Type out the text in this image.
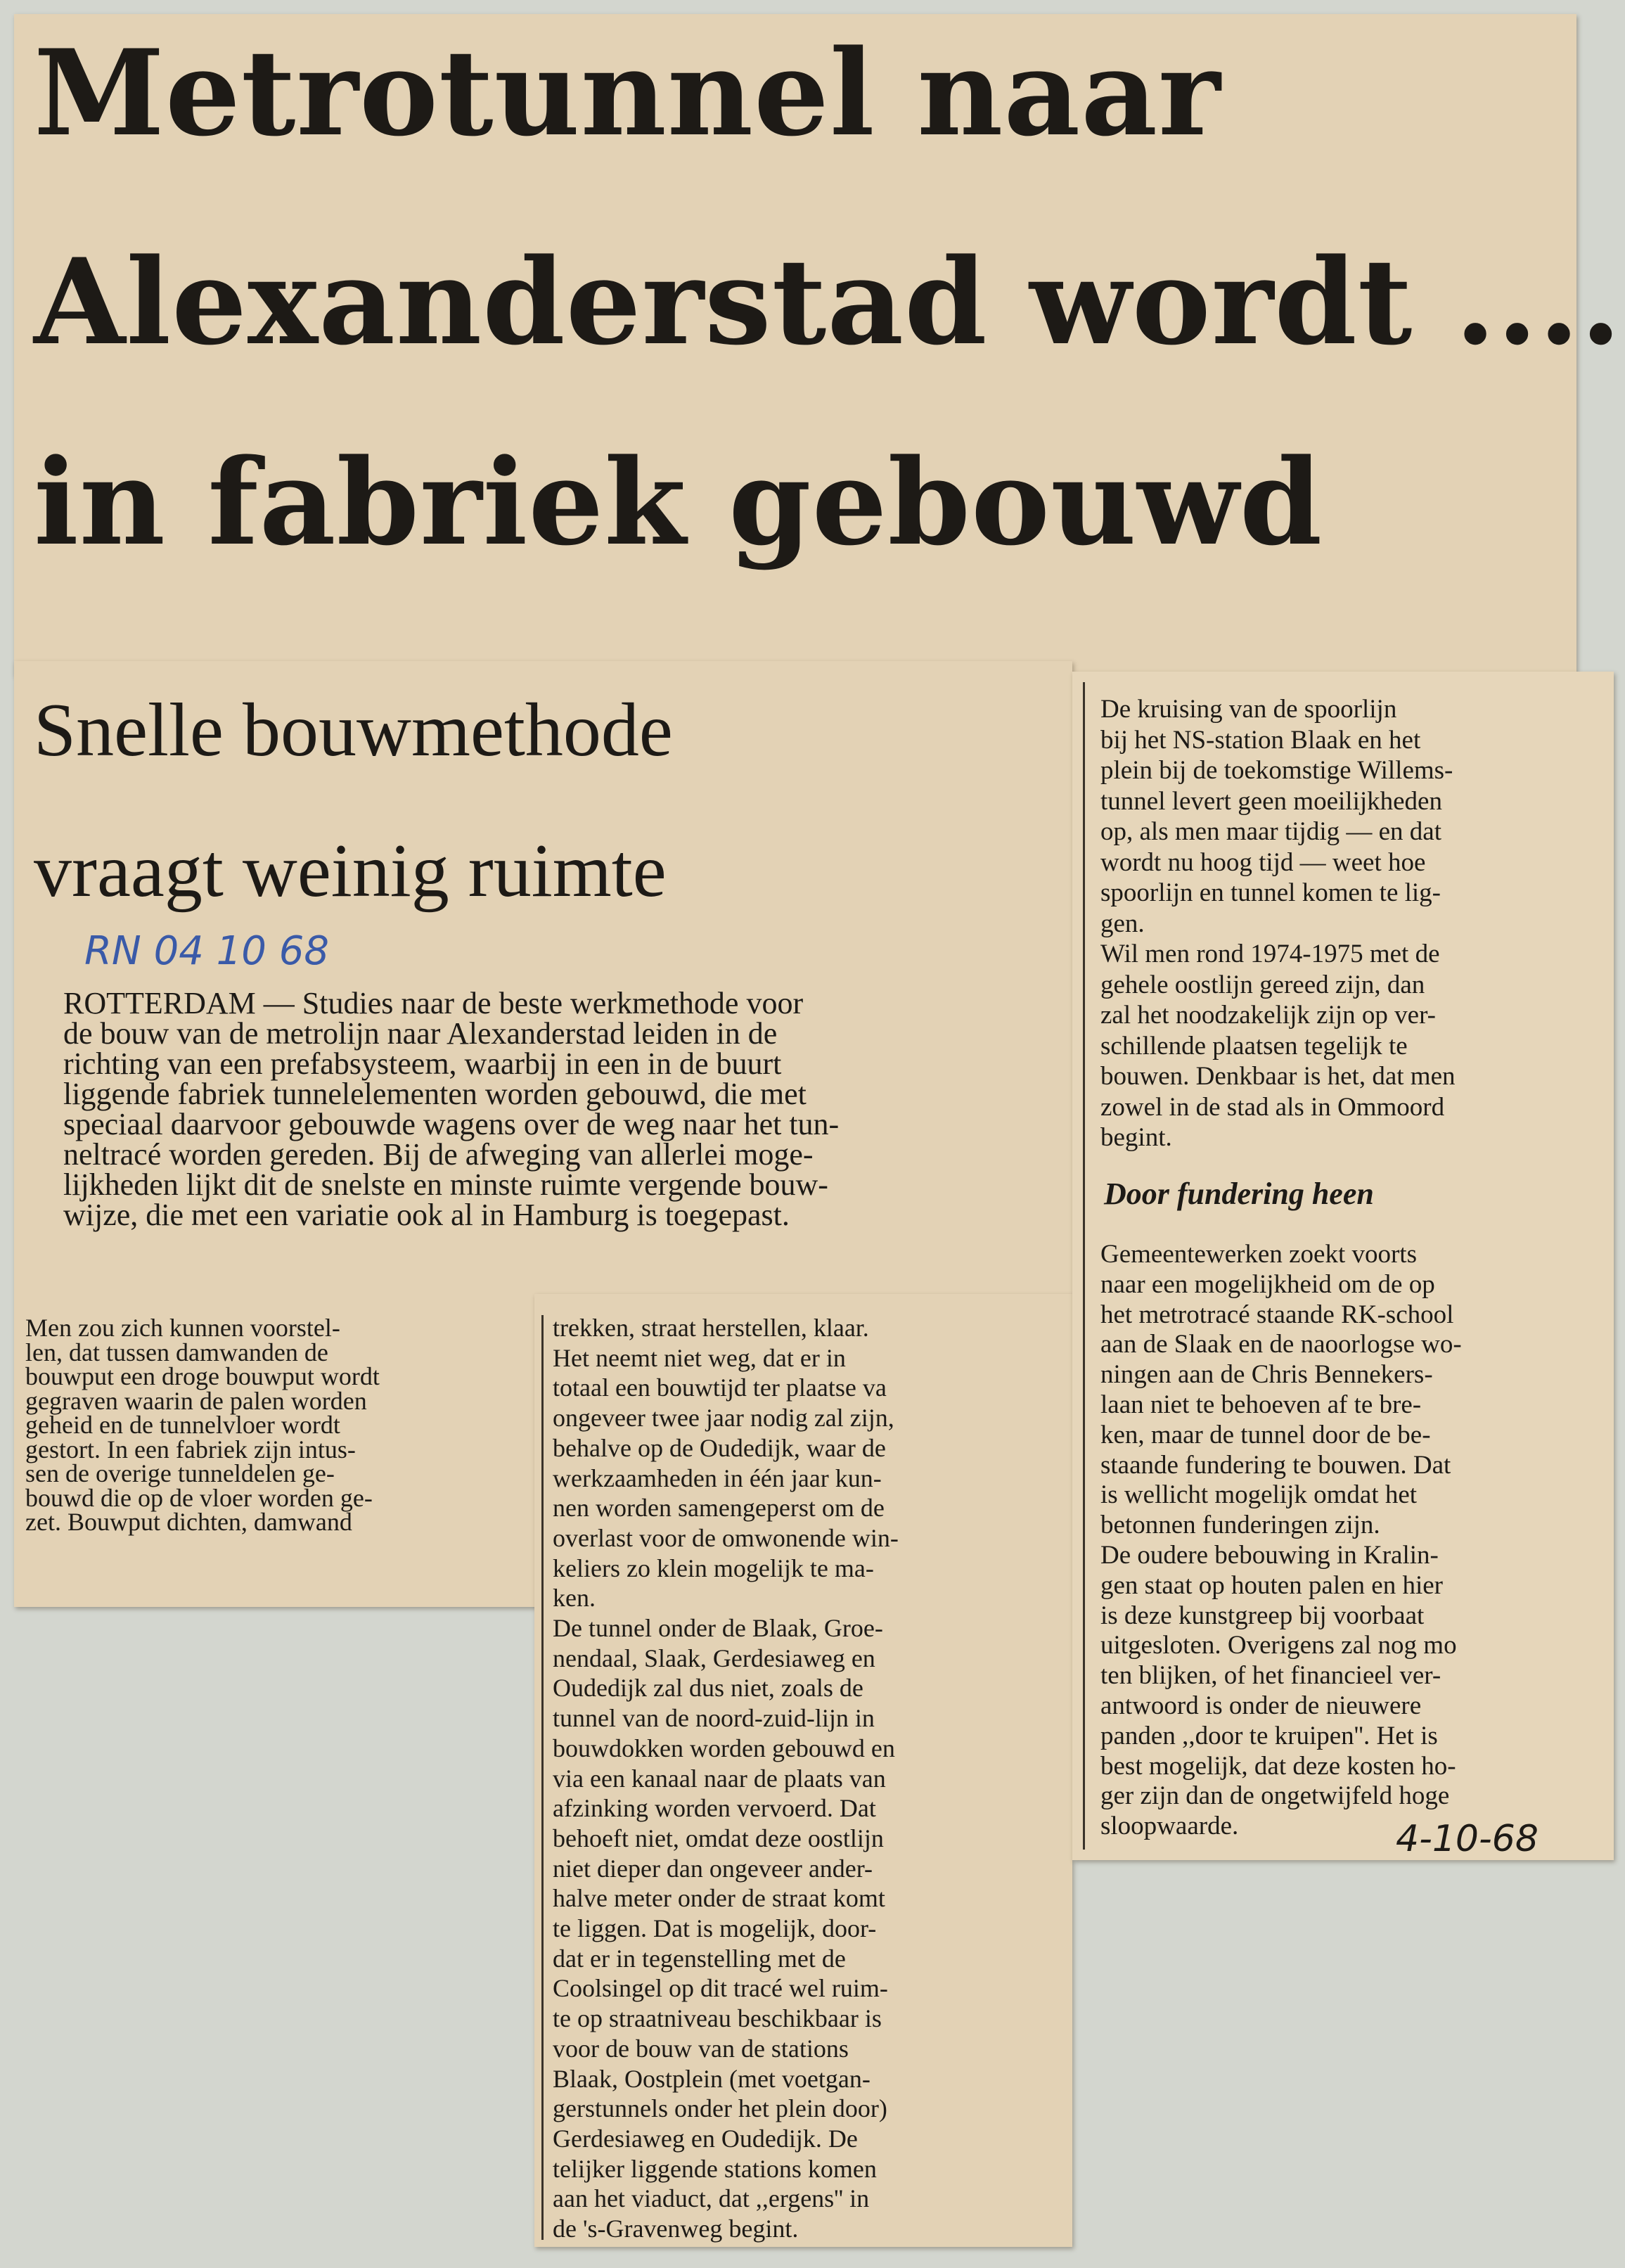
Metrotunnel naar
Alexanderstad wordt ....
in fabriek gebouwd
Snelle bouwmethode
vraagt weinig ruimte
RN 04 10 68
ROTTERDAM — Studies naar de beste werkmethode voor
de bouw van de metrolijn naar Alexanderstad leiden in de
richting van een prefabsysteem, waarbij in een in de buurt
liggende fabriek tunnelelementen worden gebouwd, die met
speciaal daarvoor gebouwde wagens over de weg naar het tun-
neltracé worden gereden. Bij de afweging van allerlei moge-
lijkheden lijkt dit de snelste en minste ruimte vergende bouw-
wijze, die met een variatie ook al in Hamburg is toegepast.
Men zou zich kunnen voorstel-
len, dat tussen damwanden de
bouwput een droge bouwput wordt
gegraven waarin de palen worden
geheid en de tunnelvloer wordt
gestort. In een fabriek zijn intus-
sen de overige tunneldelen ge-
bouwd die op de vloer worden ge-
zet. Bouwput dichten, damwand
trekken, straat herstellen, klaar.
Het neemt niet weg, dat er in
totaal een bouwtijd ter plaatse va
ongeveer twee jaar nodig zal zijn,
behalve op de Oudedijk, waar de
werkzaamheden in één jaar kun-
nen worden samengeperst om de
overlast voor de omwonende win-
keliers zo klein mogelijk te ma-
ken.
De tunnel onder de Blaak, Groe-
nendaal, Slaak, Gerdesiaweg en
Oudedijk zal dus niet, zoals de
tunnel van de noord-zuid-lijn in
bouwdokken worden gebouwd en
via een kanaal naar de plaats van
afzinking worden vervoerd. Dat
behoeft niet, omdat deze oostlijn
niet dieper dan ongeveer ander-
halve meter onder de straat komt
te liggen. Dat is mogelijk, door-
dat er in tegenstelling met de
Coolsingel op dit tracé wel ruim-
te op straatniveau beschikbaar is
voor de bouw van de stations
Blaak, Oostplein (met voetgan-
gerstunnels onder het plein door)
Gerdesiaweg en Oudedijk. De
telijker liggende stations komen
aan het viaduct, dat ,,ergens'' in
de 's-Gravenweg begint.
De kruising van de spoorlijn
bij het NS-station Blaak en het
plein bij de toekomstige Willems-
tunnel levert geen moeilijkheden
op, als men maar tijdig — en dat
wordt nu hoog tijd — weet hoe
spoorlijn en tunnel komen te lig-
gen.
Wil men rond 1974-1975 met de
gehele oostlijn gereed zijn, dan
zal het noodzakelijk zijn op ver-
schillende plaatsen tegelijk te
bouwen. Denkbaar is het, dat men
zowel in de stad als in Ommoord
begint.
Door fundering heen
Gemeentewerken zoekt voorts
naar een mogelijkheid om de op
het metrotracé staande RK-school
aan de Slaak en de naoorlogse wo-
ningen aan de Chris Bennekers-
laan niet te behoeven af te bre-
ken, maar de tunnel door de be-
staande fundering te bouwen. Dat
is wellicht mogelijk omdat het
betonnen funderingen zijn.
De oudere bebouwing in Kralin-
gen staat op houten palen en hier
is deze kunstgreep bij voorbaat
uitgesloten. Overigens zal nog mo
ten blijken, of het financieel ver-
antwoord is onder de nieuwere
panden ,,door te kruipen''. Het is
best mogelijk, dat deze kosten ho-
ger zijn dan de ongetwijfeld hoge
sloopwaarde.	4-10-68
